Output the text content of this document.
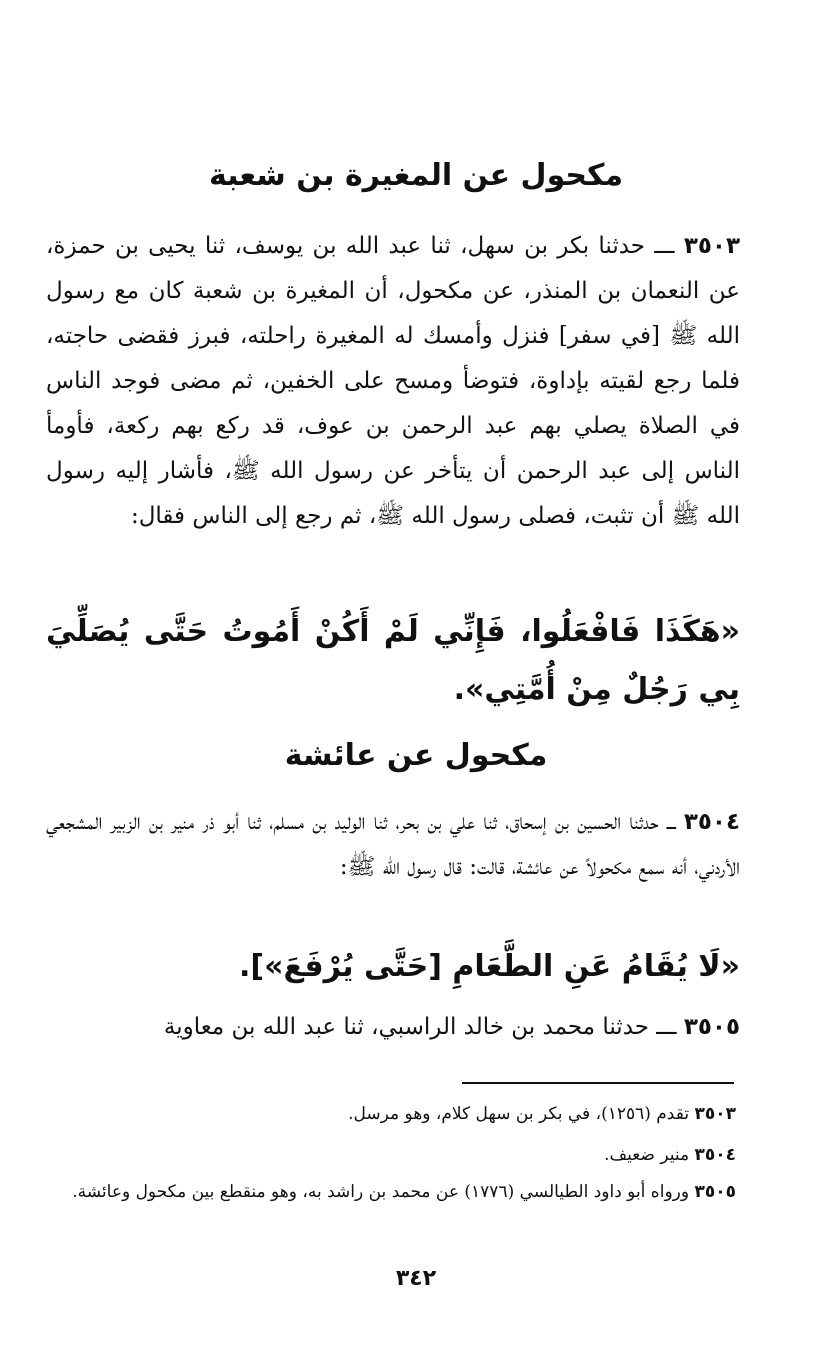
مكحول عن المغيرة بن شعبة

٣٥٠٣ ـــ حدثنا بكر بن سهل، ثنا عبد الله بن يوسف، ثنا يحيى بن حمزة، عن النعمان بن المنذر، عن مكحول، أن المغيرة بن شعبة كان مع رسول الله ﷺ [في سفر] فنزل وأمسك له المغيرة راحلته، فبرز فقضى حاجته، فلما رجع لقيته بإداوة، فتوضأ ومسح على الخفين، ثم مضى فوجد الناس في الصلاة يصلي بهم عبد الرحمن بن عوف، قد ركع بهم ركعة، فأومأ الناس إلى عبد الرحمن أن يتأخر عن رسول الله ﷺ، فأشار إليه رسول الله ﷺ أن تثبت، فصلى رسول الله ﷺ، ثم رجع إلى الناس فقال:

«هَكَذَا فَافْعَلُوا، فَإِنِّي لَمْ أَكُنْ أَمُوتُ حَتَّى يُصَلِّيَ بِي رَجُلٌ مِنْ أُمَّتِي».

مكحول عن عائشة

٣٥٠٤ ـــ حدثنا الحسين بن إسحاق، ثنا علي بن بحر، ثنا الوليد بن مسلم، ثنا أبو ذر منير بن الزبير المشجعي الأردني، أنه سمع مكحولاً عن عائشة، قالت: قال رسول الله ﷺ:

«لَا يُقَامُ عَنِ الطَّعَامِ [حَتَّى يُرْفَعَ»].

٣٥٠٥ ـــ حدثنا محمد بن خالد الراسبي، ثنا عبد الله بن معاوية

٣٥٠٣ تقدم (١٢٥٦)، في بكر بن سهل كلام، وهو مرسل.

٣٥٠٤ منير ضعيف.

٣٥٠٥ ورواه أبو داود الطيالسي (١٧٧٦) عن محمد بن راشد به، وهو منقطع بين مكحول وعائشة.

٣٤٢
